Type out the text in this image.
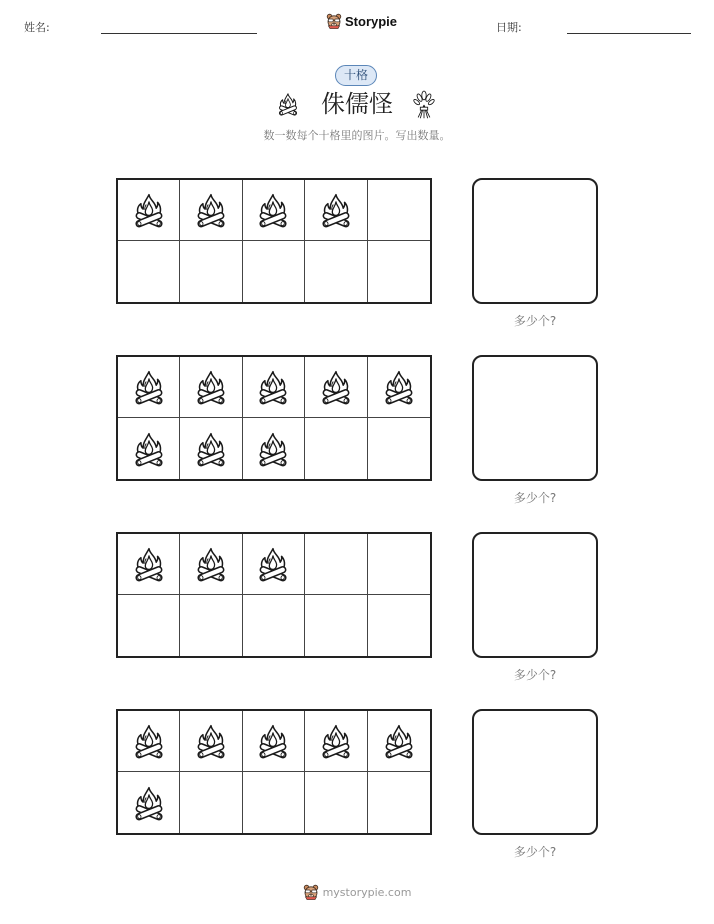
姓名:	Storypie	日期:
十格
侏儒怪
数一数每个十格里的图片。写出数量。
多少个?
多少个?
多少个?
多少个?
mystorypie.com
